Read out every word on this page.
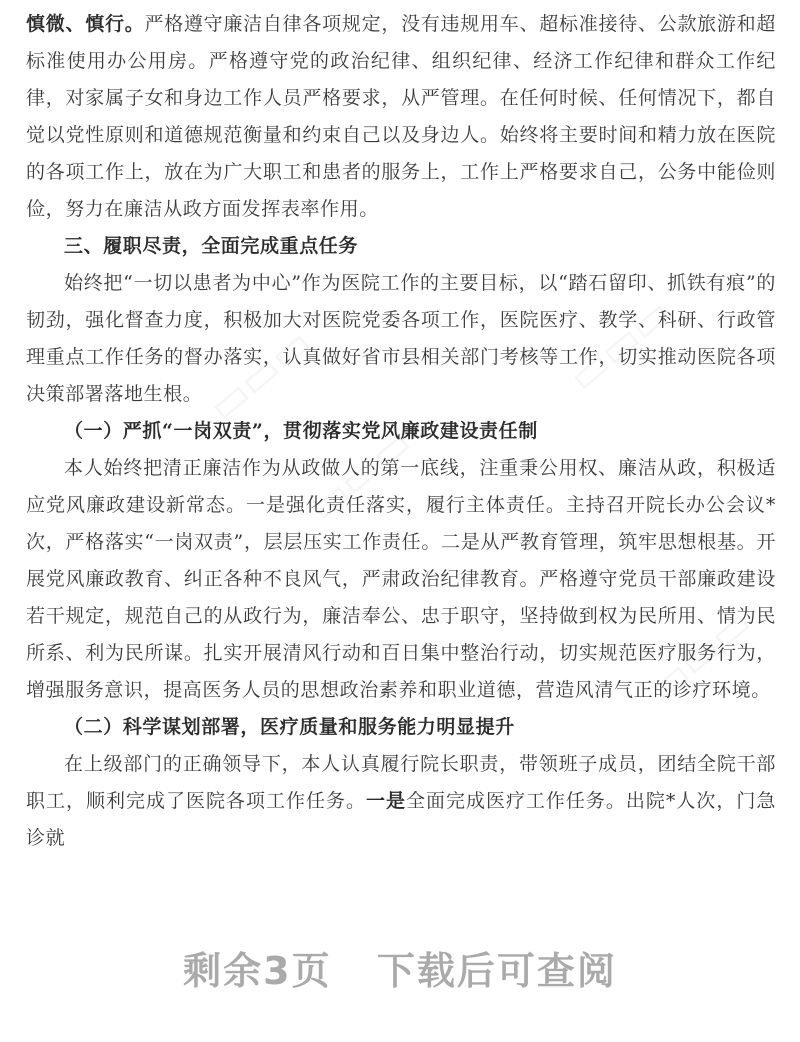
▭▭▭
▭▭▭
▭▭▭
▭▭▭

慎微、慎行。严格遵守廉洁自律各项规定，没有违规用车、超标准接待、公款旅游和超标准使用办公用房。严格遵守党的政治纪律、组织纪律、经济工作纪律和群众工作纪律，对家属子女和身边工作人员严格要求，从严管理。在任何时候、任何情况下，都自觉以党性原则和道德规范衡量和约束自己以及身边人。始终将主要时间和精力放在医院的各项工作上，放在为广大职工和患者的服务上，工作上严格要求自己，公务中能俭则俭，努力在廉洁从政方面发挥表率作用。

三、履职尽责，全面完成重点任务

始终把“一切以患者为中心”作为医院工作的主要目标，以“踏石留印、抓铁有痕”的韧劲，强化督查力度，积极加大对医院党委各项工作，医院医疗、教学、科研、行政管理重点工作任务的督办落实，认真做好省市县相关部门考核等工作，切实推动医院各项决策部署落地生根。

（一）严抓“一岗双责”，贯彻落实党风廉政建设责任制

本人始终把清正廉洁作为从政做人的第一底线，注重秉公用权、廉洁从政，积极适应党风廉政建设新常态。一是强化责任落实，履行主体责任。主持召开院长办公会议*次，严格落实“一岗双责”，层层压实工作责任。二是从严教育管理，筑牢思想根基。开展党风廉政教育、纠正各种不良风气，严肃政治纪律教育。严格遵守党员干部廉政建设若干规定，规范自己的从政行为，廉洁奉公、忠于职守，坚持做到权为民所用、情为民所系、利为民所谋。扎实开展清风行动和百日集中整治行动，切实规范医疗服务行为，增强服务意识，提高医务人员的思想政治素养和职业道德，营造风清气正的诊疗环境。

（二）科学谋划部署，医疗质量和服务能力明显提升

在上级部门的正确领导下，本人认真履行院长职责，带领班子成员，团结全院干部职工，顺利完成了医院各项工作任务。一是全面完成医疗工作任务。出院*人次，门急诊就

剩余3页 下载后可查阅
